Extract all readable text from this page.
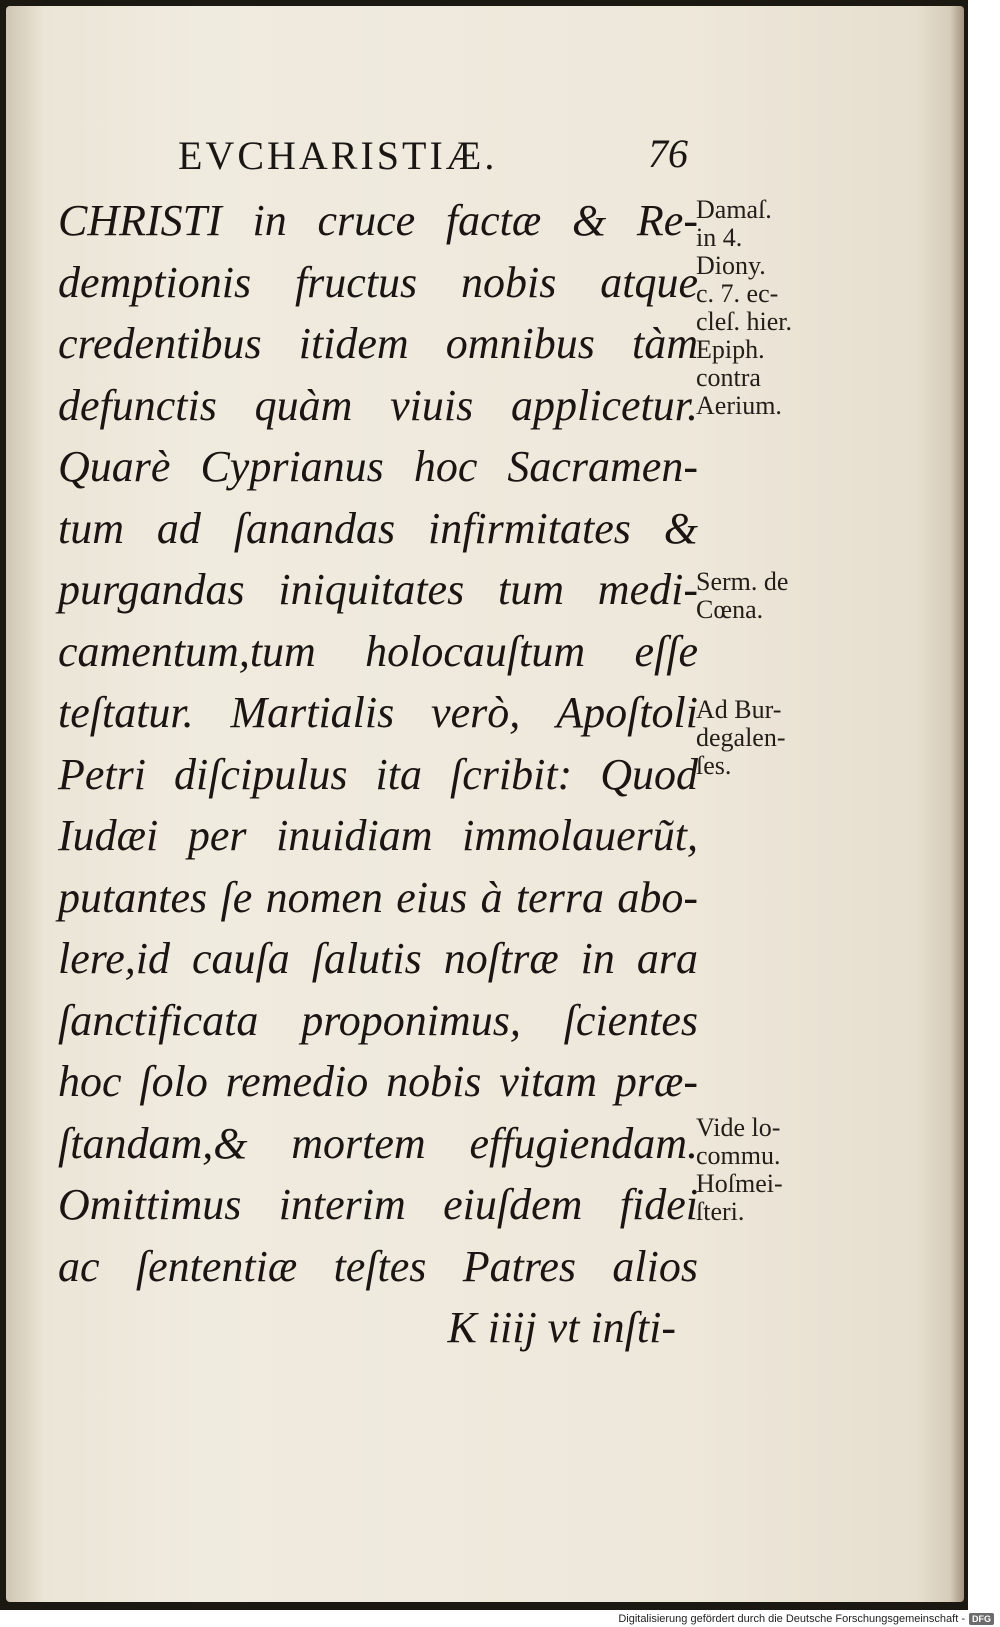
EVCHARISTIÆ.	76
CHRISTI in cruce factæ & Re-
demptionis fructus nobis atque
credentibus itidem omnibus tàm
defunctis quàm viuis applicetur.
Quarè Cyprianus hoc Sacramen-
tum ad ſanandas infirmitates &
purgandas iniquitates tum medi-
camentum,tum holocauſtum eſſe
teſtatur. Martialis verò, Apoſtoli
Petri diſcipulus ita ſcribit: Quod
Iudæi per inuidiam immolauerũt,
putantes ſe nomen eius à terra abo-
lere,id cauſa ſalutis noſtræ in ara
ſanctificata proponimus, ſcientes
hoc ſolo remedio nobis vitam præ-
ſtandam,& mortem effugiendam.
Omittimus interim eiuſdem fidei
ac ſententiæ teſtes Patres alios
K iiij vt inſti-
Damaſ.
in 4.
Diony.
c. 7. ec-
cleſ. hier.
Epiph.
contra
Aerium.
Serm. de
Cœna.
Ad Bur-
degalen-
ſes.
Vide lo-
commu.
Hoſmei-
ſteri.
Digitalisierung gefördert durch die Deutsche Forschungsgemeinschaft - DFG
